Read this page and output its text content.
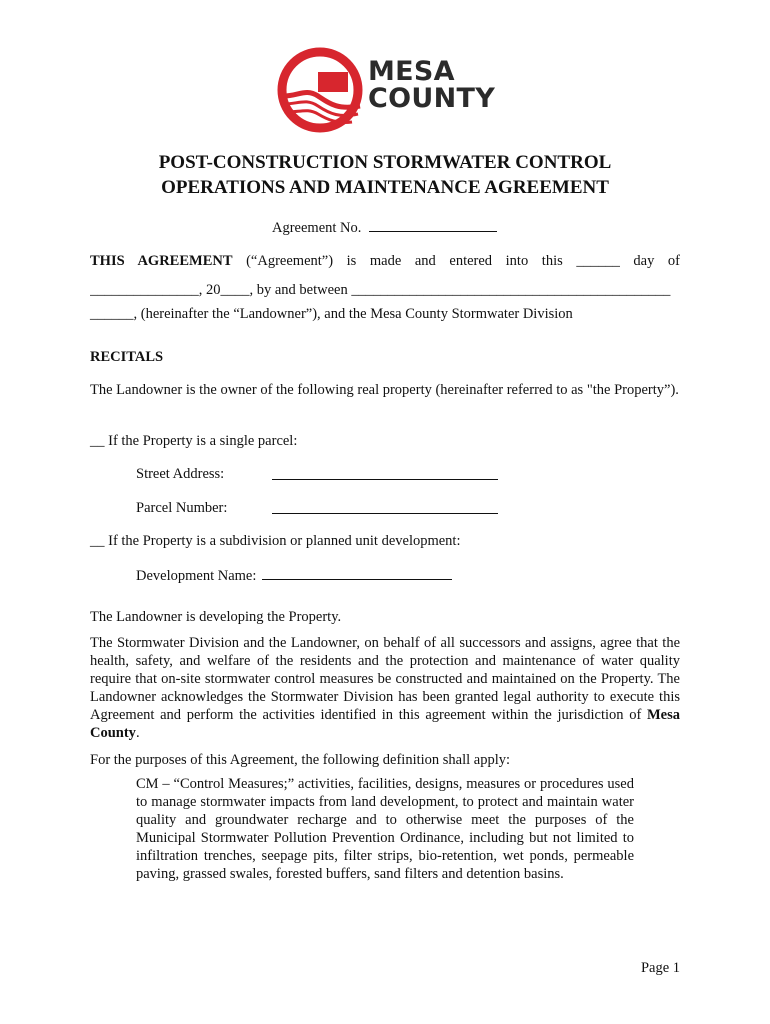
MESA
COUNTY
POST-CONSTRUCTION STORMWATER CONTROL
OPERATIONS AND MAINTENANCE AGREEMENT
Agreement No.
THIS AGREEMENT (“Agreement”) is made and entered into this ______ day of
_______________, 20____, by and between ____________________________________________
______, (hereinafter the “Landowner”), and the Mesa County Stormwater Division
RECITALS
The Landowner is the owner of the following real property (hereinafter referred to as "the Property”).
__ If the Property is a single parcel:
Street Address:
Parcel Number:
__ If the Property is a subdivision or planned unit development:
Development Name:
The Landowner is developing the Property.
The Stormwater Division and the Landowner, on behalf of all successors and assigns, agree that the health, safety, and welfare of the residents and the protection and maintenance of water quality require that on-site stormwater control measures be constructed and maintained on the Property. The Landowner acknowledges the Stormwater Division has been granted legal authority to execute this Agreement and perform the activities identified in this agreement within the jurisdiction of Mesa County.
For the purposes of this Agreement, the following definition shall apply:
CM – “Control Measures;” activities, facilities, designs, measures or procedures used to manage stormwater impacts from land development, to protect and maintain water quality and groundwater recharge and to otherwise meet the purposes of the Municipal Stormwater Pollution Prevention Ordinance, including but not limited to infiltration trenches, seepage pits, filter strips, bio-retention, wet ponds, permeable paving, grassed swales, forested buffers, sand filters and detention basins.
Page 1
